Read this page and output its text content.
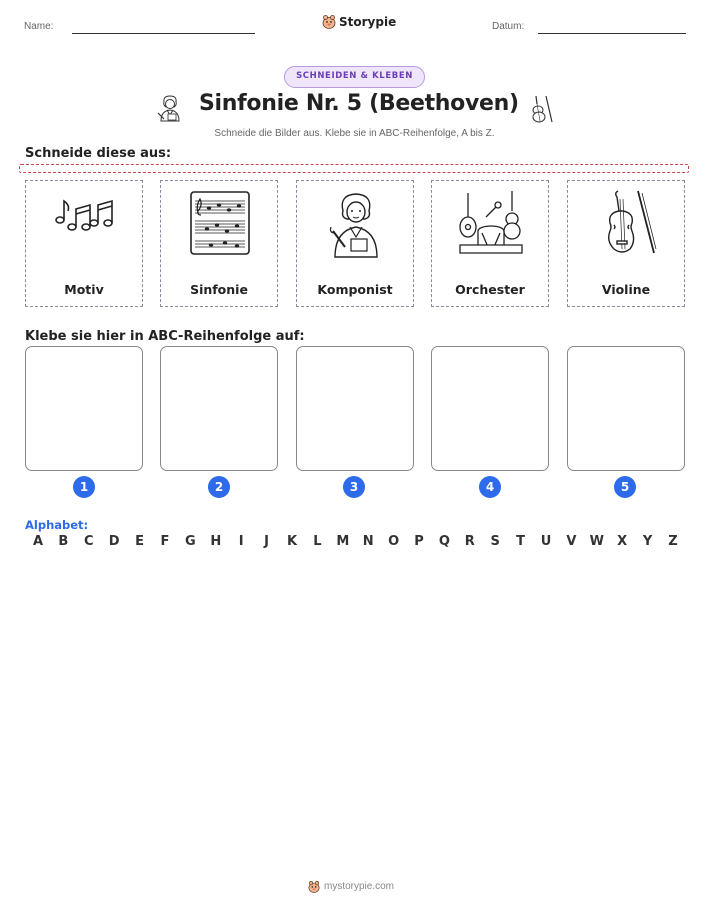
Name:	Storypie	Datum:
SCHNEIDEN & KLEBEN
Sinfonie Nr. 5 (Beethoven)
Schneide die Bilder aus. Klebe sie in ABC-Reihenfolge, A bis Z.
Schneide diese aus:
Motiv	Sinfonie	Komponist	Orchester	Violine
Klebe sie hier in ABC-Reihenfolge auf:
1	2	3	4	5
Alphabet:
A B C D E F G H	I	J	K L M N O P Q R S T U V W X Y Z
mystorypie.com
